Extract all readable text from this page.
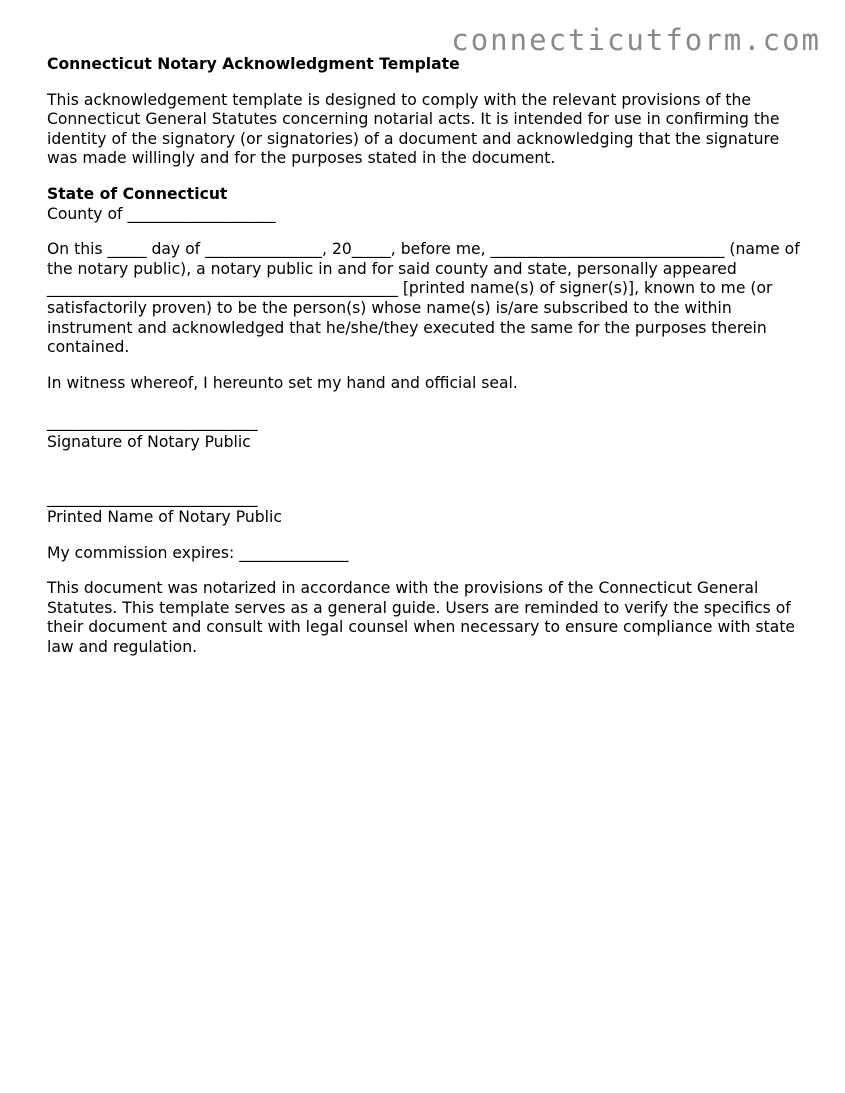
connecticutform.com
Connecticut Notary Acknowledgment Template

This acknowledgement template is designed to comply with the relevant provisions of the Connecticut General Statutes concerning notarial acts. It is intended for use in confirming the identity of the signatory (or signatories) of a document and acknowledging that the signature was made willingly and for the purposes stated in the document.

State of Connecticut
County of ___________________

On this _____ day of _______________, 20_____, before me, ______________________________ (name of the notary public), a notary public in and for said county and state, personally appeared _____________________________________________ [printed name(s) of signer(s)], known to me (or satisfactorily proven) to be the person(s) whose name(s) is/are subscribed to the within instrument and acknowledged that he/she/they executed the same for the purposes therein contained.

In witness whereof, I hereunto set my hand and official seal.

___________________________
Signature of Notary Public
___________________________
Printed Name of Notary Public

My commission expires: ______________

This document was notarized in accordance with the provisions of the Connecticut General Statutes. This template serves as a general guide. Users are reminded to verify the specifics of their document and consult with legal counsel when necessary to ensure compliance with state law and regulation.
